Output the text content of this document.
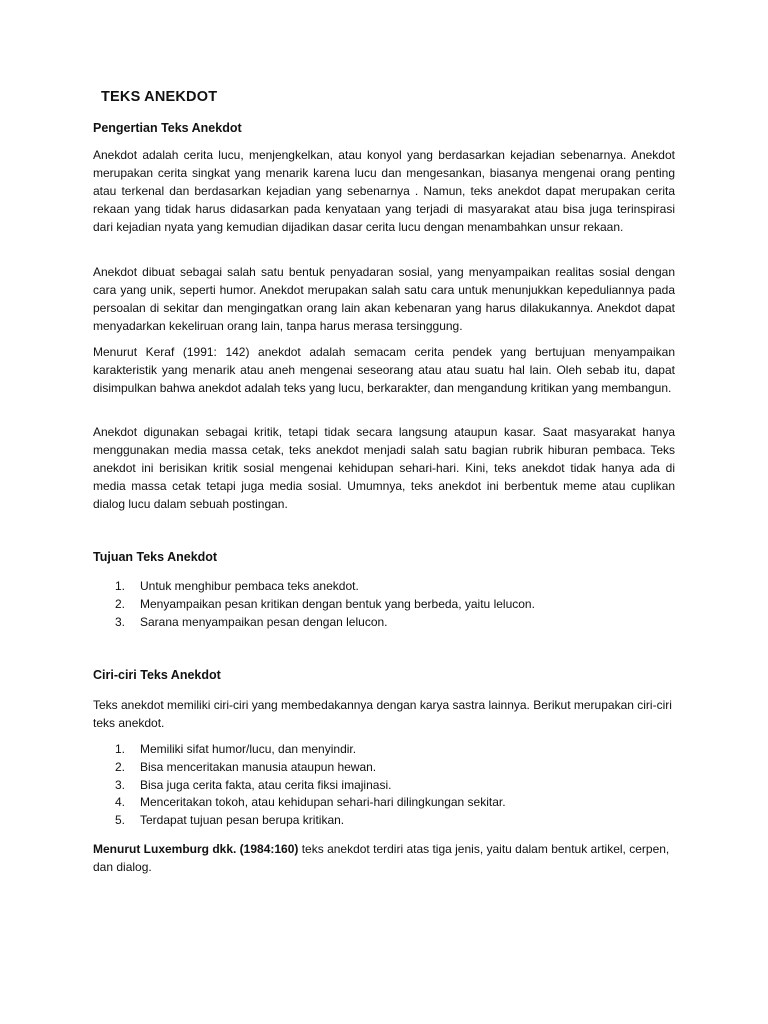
TEKS ANEKDOT
Pengertian Teks Anekdot

Anekdot adalah cerita lucu, menjengkelkan, atau konyol yang berdasarkan kejadian sebenarnya. Anekdot merupakan cerita singkat yang menarik karena lucu dan mengesankan, biasanya mengenai orang penting atau terkenal dan berdasarkan kejadian yang sebenarnya . Namun, teks anekdot dapat merupakan cerita rekaan yang tidak harus didasarkan pada kenyataan yang terjadi di masyarakat atau bisa juga terinspirasi dari kejadian nyata yang kemudian dijadikan dasar cerita lucu dengan menambahkan unsur rekaan.

Anekdot dibuat sebagai salah satu bentuk penyadaran sosial, yang menyampaikan realitas sosial dengan cara yang unik, seperti humor. Anekdot merupakan salah satu cara untuk menunjukkan kepeduliannya pada persoalan di sekitar dan mengingatkan orang lain akan kebenaran yang harus dilakukannya. Anekdot dapat menyadarkan kekeliruan orang lain, tanpa harus merasa tersinggung.

Menurut Keraf (1991: 142) anekdot adalah semacam cerita pendek yang bertujuan menyampaikan karakteristik yang menarik atau aneh mengenai seseorang atau atau suatu hal lain. Oleh sebab itu, dapat disimpulkan bahwa anekdot adalah teks yang lucu, berkarakter, dan mengandung kritikan yang membangun.

Anekdot digunakan sebagai kritik, tetapi tidak secara langsung ataupun kasar. Saat masyarakat hanya menggunakan media massa cetak, teks anekdot menjadi salah satu bagian rubrik hiburan pembaca. Teks anekdot ini berisikan kritik sosial mengenai kehidupan sehari-hari. Kini, teks anekdot tidak hanya ada di media massa cetak tetapi juga media sosial. Umumnya, teks anekdot ini berbentuk meme atau cuplikan dialog lucu dalam sebuah postingan.

Tujuan Teks Anekdot
1. Untuk menghibur pembaca teks anekdot.
2. Menyampaikan pesan kritikan dengan bentuk yang berbeda, yaitu lelucon.
3. Sarana menyampaikan pesan dengan lelucon.
Ciri-ciri Teks Anekdot

Teks anekdot memiliki ciri-ciri yang membedakannya dengan karya sastra lainnya. Berikut merupakan ciri-ciri teks anekdot.

1. Memiliki sifat humor/lucu, dan menyindir.
2. Bisa menceritakan manusia ataupun hewan.
3. Bisa juga cerita fakta, atau cerita fiksi imajinasi.
4. Menceritakan tokoh, atau kehidupan sehari-hari dilingkungan sekitar.
5. Terdapat tujuan pesan berupa kritikan.

Menurut Luxemburg dkk. (1984:160) teks anekdot terdiri atas tiga jenis, yaitu dalam bentuk artikel, cerpen, dan dialog.
